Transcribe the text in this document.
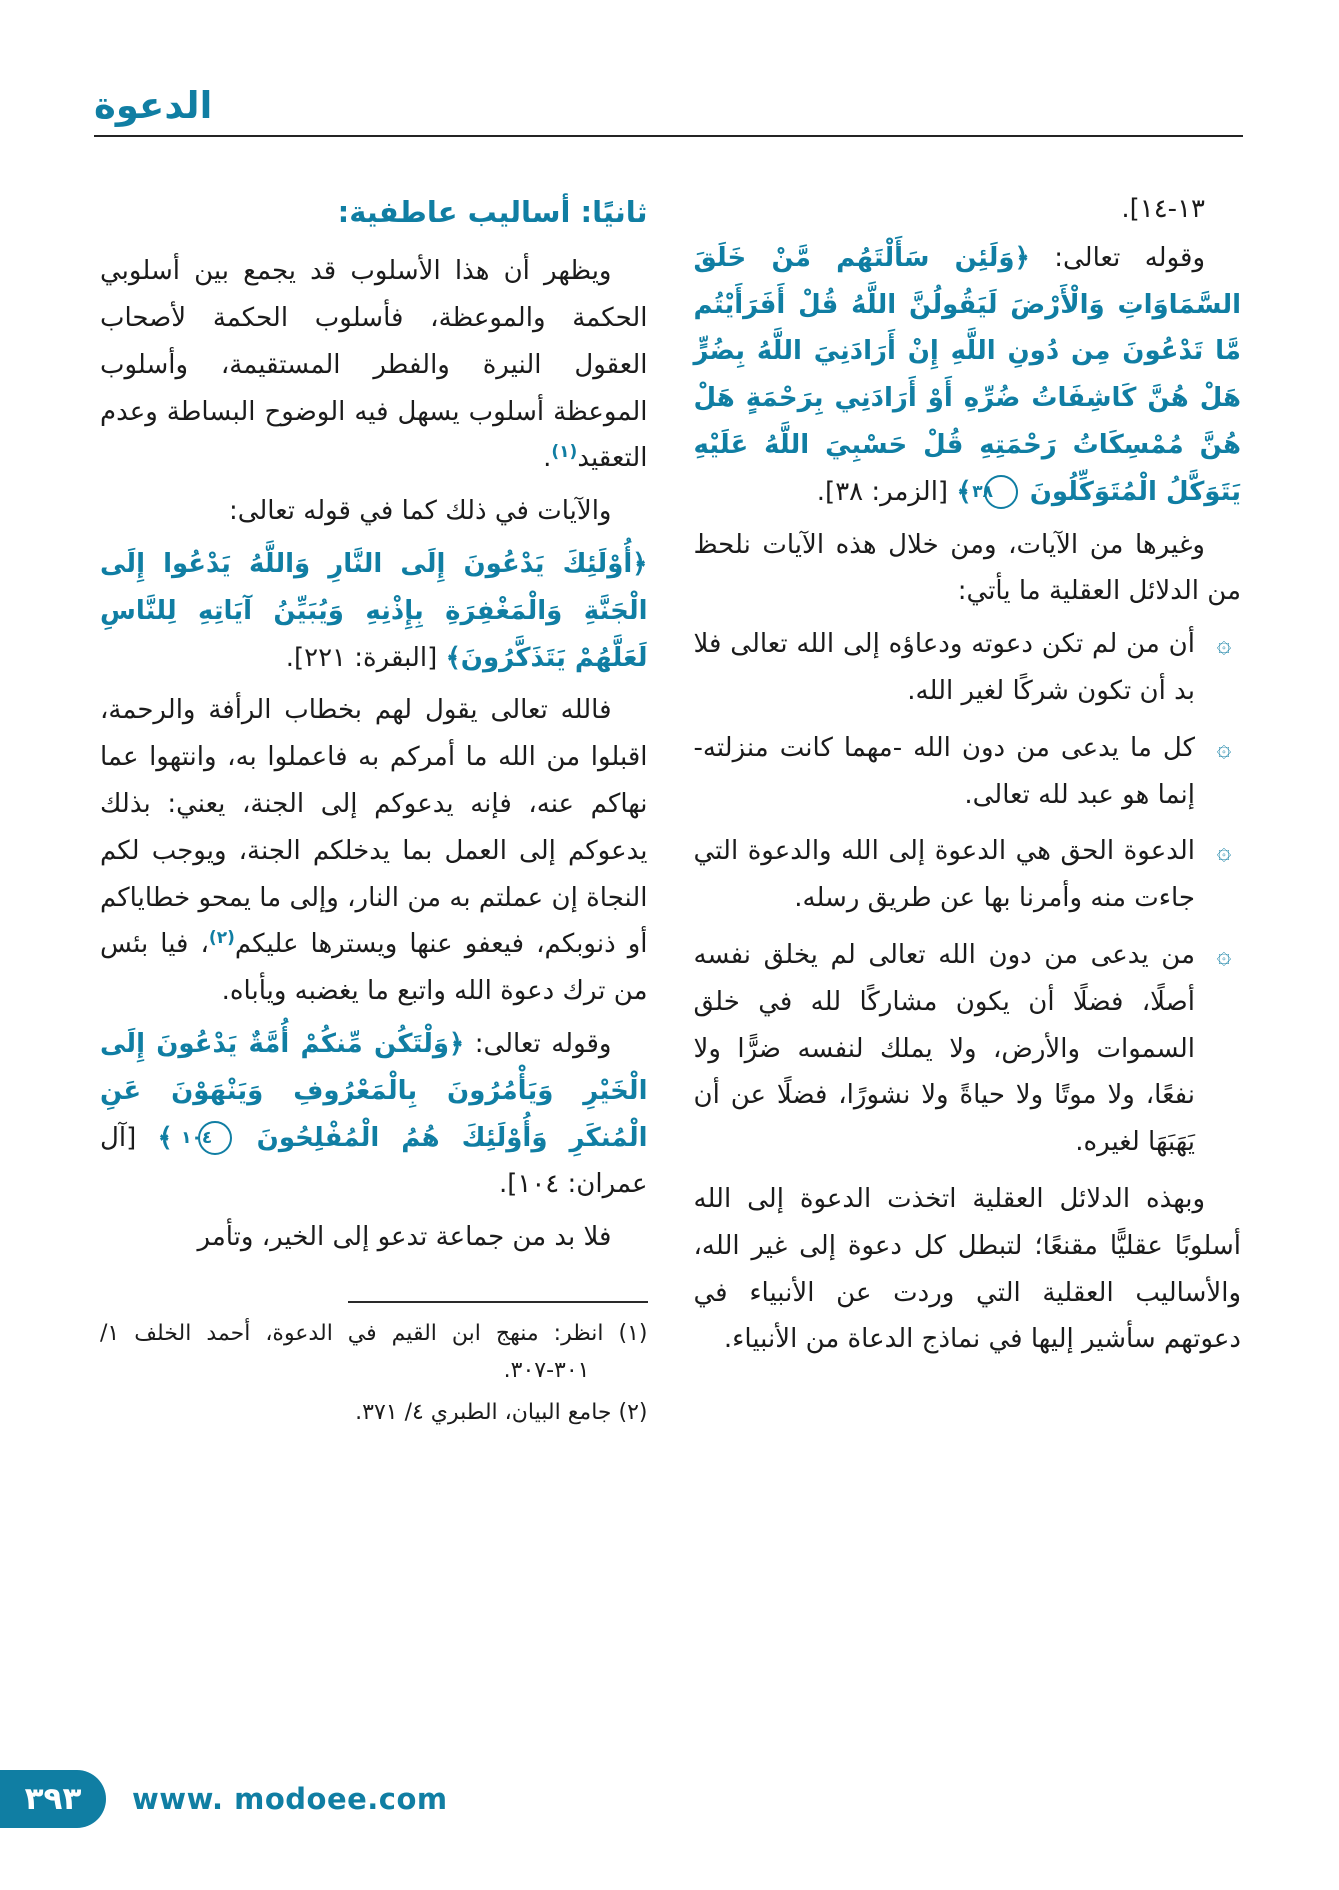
الدعوة

١٣-١٤].

وقوله تعالى: ﴿وَلَئِن سَأَلْتَهُم مَّنْ خَلَقَ السَّمَاوَاتِ وَالْأَرْضَ لَيَقُولُنَّ اللَّهُ قُلْ أَفَرَأَيْتُم مَّا تَدْعُونَ مِن دُونِ اللَّهِ إِنْ أَرَادَنِيَ اللَّهُ بِضُرٍّ هَلْ هُنَّ كَاشِفَاتُ ضُرِّهِ أَوْ أَرَادَنِي بِرَحْمَةٍ هَلْ هُنَّ مُمْسِكَاتُ رَحْمَتِهِ قُلْ حَسْبِيَ اللَّهُ عَلَيْهِ يَتَوَكَّلُ الْمُتَوَكِّلُونَ ٣٨ ﴾ [الزمر: ٣٨].

وغيرها من الآيات، ومن خلال هذه الآيات نلحظ من الدلائل العقلية ما يأتي:

۞
أن من لم تكن دعوته ودعاؤه إلى الله تعالى فلا بد أن تكون شركًا لغير الله.
۞
كل ما يدعى من دون الله -مهما كانت منزلته- إنما هو عبد لله تعالى.
۞
الدعوة الحق هي الدعوة إلى الله والدعوة التي جاءت منه وأمرنا بها عن طريق رسله.
۞
من يدعى من دون الله تعالى لم يخلق نفسه أصلًا، فضلًا أن يكون مشاركًا لله في خلق السموات والأرض، ولا يملك لنفسه ضرًّا ولا نفعًا، ولا موتًا ولا حياةً ولا نشورًا، فضلًا عن أن يَهَبَهَا لغيره.

وبهذه الدلائل العقلية اتخذت الدعوة إلى الله أسلوبًا عقليًّا مقنعًا؛ لتبطل كل دعوة إلى غير الله، والأساليب العقلية التي وردت عن الأنبياء في دعوتهم سأشير إليها في نماذج الدعاة من الأنبياء.

ثانيًا: أساليب عاطفية:

ويظهر أن هذا الأسلوب قد يجمع بين أسلوبي الحكمة والموعظة، فأسلوب الحكمة لأصحاب العقول النيرة والفطر المستقيمة، وأسلوب الموعظة أسلوب يسهل فيه الوضوح البساطة وعدم التعقيد$^{(١)}$.

والآيات في ذلك كما في قوله تعالى:

﴿أُوْلَئِكَ يَدْعُونَ إِلَى النَّارِ وَاللَّهُ يَدْعُوا إِلَى الْجَنَّةِ وَالْمَغْفِرَةِ بِإِذْنِهِ وَيُبَيِّنُ آيَاتِهِ لِلنَّاسِ لَعَلَّهُمْ يَتَذَكَّرُونَ﴾ [البقرة: ٢٢١].

فالله تعالى يقول لهم بخطاب الرأفة والرحمة، اقبلوا من الله ما أمركم به فاعملوا به، وانتهوا عما نهاكم عنه، فإنه يدعوكم إلى الجنة، يعني: بذلك يدعوكم إلى العمل بما يدخلكم الجنة، ويوجب لكم النجاة إن عملتم به من النار، وإلى ما يمحو خطاياكم أو ذنوبكم، فيعفو عنها ويسترها عليكم$^{(٢)}$، فيا بئس من ترك دعوة الله واتبع ما يغضبه ويأباه.

وقوله تعالى: ﴿وَلْتَكُن مِّنكُمْ أُمَّةٌ يَدْعُونَ إِلَى الْخَيْرِ وَيَأْمُرُونَ بِالْمَعْرُوفِ وَيَنْهَوْنَ عَنِ الْمُنكَرِ وَأُوْلَئِكَ هُمُ الْمُفْلِحُونَ ١٠٤ ﴾ [آل عمران: ١٠٤].

فلا بد من جماعة تدعو إلى الخير، وتأمر

(١) انظر: منهج ابن القيم في الدعوة، أحمد الخلف ١/ ٣٠١-٣٠٧.

(٢) جامع البيان، الطبري ٤/ ٣٧١.

٣٩٣ www. modoee.com
